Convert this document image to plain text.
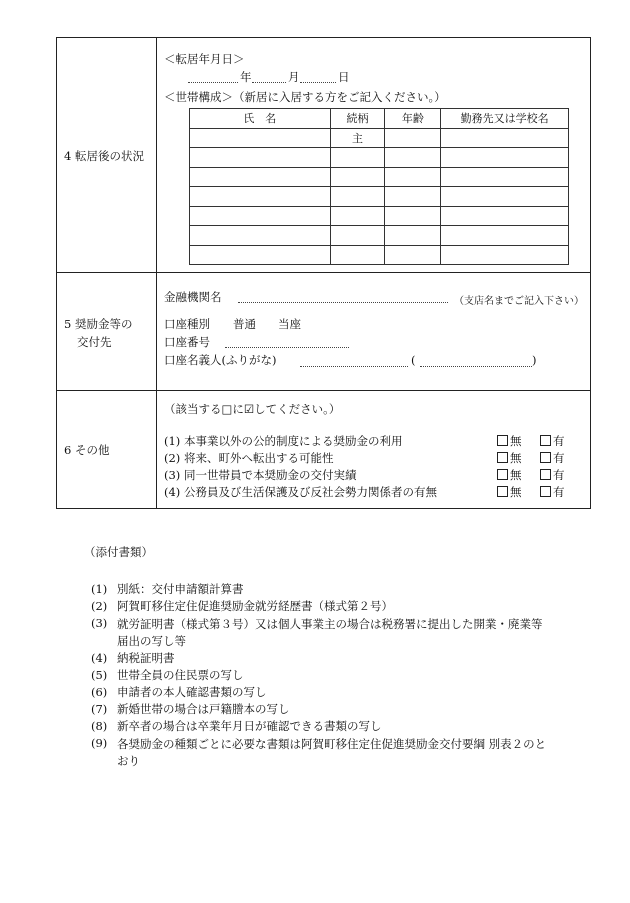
4 転居後の状況
＜転居年月日＞
年	月	日
＜世帯構成＞（新居に入居する方をご記入ください。）
氏　名	続柄	年齢	勤務先又は学校名
	主		

5 奨励金等の
交付先
金融機関名	（支店名までご記入下さい）
口座種別 普通 当座
口座番号
口座名義人(ふりがな)	(	)
6 その他
（該当する□に☑してください。）
(1) 本事業以外の公的制度による奨励金の利用	無	有
(2) 将来、町外へ転出する可能性	無	有
(3) 同一世帯員で本奨励金の交付実績	無	有
(4) 公務員及び生活保護及び反社会勢力関係者の有無	無	有
（添付書類）
(1) 別紙：交付申請額計算書
(2) 阿賀町移住定住促進奨励金就労経歴書（様式第２号）
(3) 就労証明書（様式第３号）又は個人事業主の場合は税務署に提出した開業・廃業等届出の写し等
(4) 納税証明書
(5) 世帯全員の住民票の写し
(6) 申請者の本人確認書類の写し
(7) 新婚世帯の場合は戸籍謄本の写し
(8) 新卒者の場合は卒業年月日が確認できる書類の写し
(9) 各奨励金の種類ごとに必要な書類は阿賀町移住定住促進奨励金交付要綱 別表２のとおり
